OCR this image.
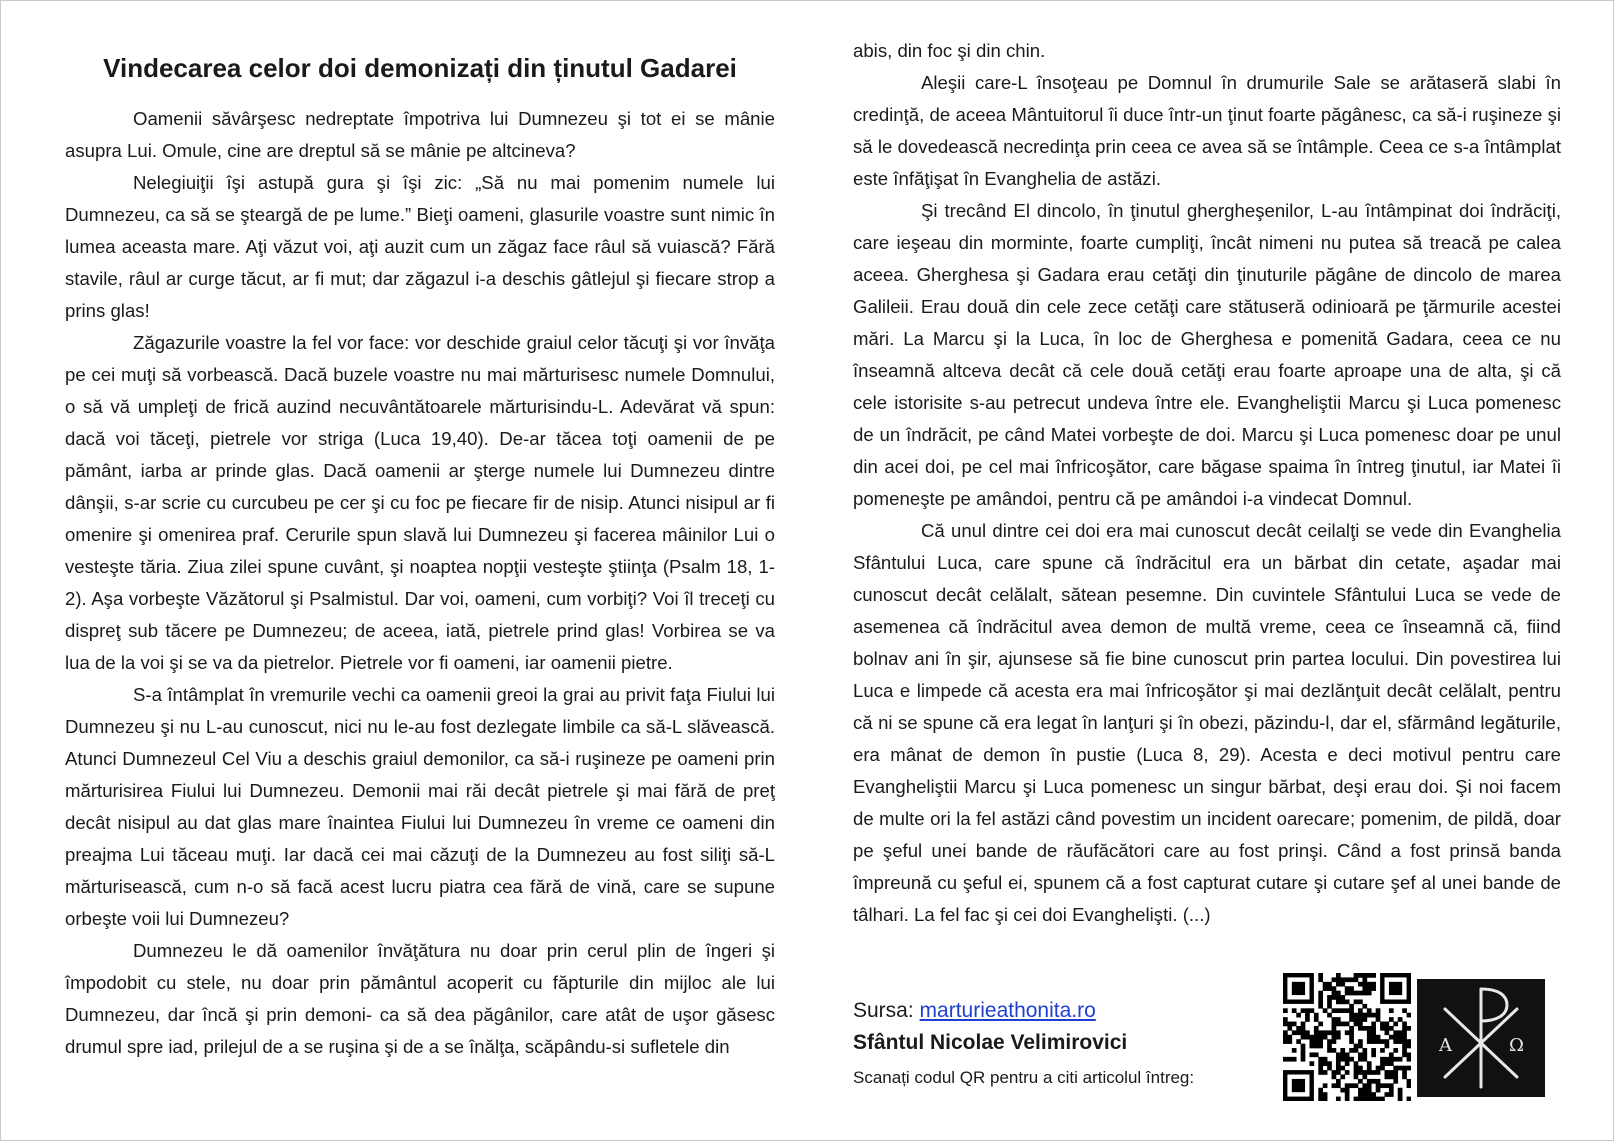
Vindecarea celor doi demonizați din ținutul Gadarei

Oamenii săvârşesc nedreptate împotriva lui Dumnezeu şi tot ei se mânie asupra Lui. Omule, cine are dreptul să se mânie pe altcineva?

Nelegiuiţii îşi astupă gura şi îşi zic: „Să nu mai pomenim numele lui Dumnezeu, ca să se şteargă de pe lume.” Bieţi oameni, glasurile voastre sunt nimic în lumea aceasta mare. Aţi văzut voi, aţi auzit cum un zăgaz face râul să vuiască? Fără stavile, râul ar curge tăcut, ar fi mut; dar zăgazul i-a deschis gâtlejul şi fiecare strop a prins glas!

Zăgazurile voastre la fel vor face: vor deschide graiul celor tăcuţi şi vor învăţa pe cei muţi să vorbească. Dacă buzele voastre nu mai mărturisesc numele Domnului, o să vă umpleţi de frică auzind necuvântătoarele mărturisindu-L. Adevărat vă spun: dacă voi tăceţi, pietrele vor striga (Luca 19,40). De-ar tăcea toţi oamenii de pe pământ, iarba ar prinde glas. Dacă oamenii ar şterge numele lui Dumnezeu dintre dânşii, s-ar scrie cu curcubeu pe cer şi cu foc pe fiecare fir de nisip. Atunci nisipul ar fi omenire şi omenirea praf. Cerurile spun slavă lui Dumnezeu şi facerea mâinilor Lui o vesteşte tăria. Ziua zilei spune cuvânt, şi noaptea nopţii vesteşte ştiinţa (Psalm 18, 1-2). Aşa vorbeşte Văzătorul şi Psalmistul. Dar voi, oameni, cum vorbiţi? Voi îl treceţi cu dispreţ sub tăcere pe Dumnezeu; de aceea, iată, pietrele prind glas! Vorbirea se va lua de la voi şi se va da pietrelor. Pietrele vor fi oameni, iar oamenii pietre.

S-a întâmplat în vremurile vechi ca oamenii greoi la grai au privit faţa Fiului lui Dumnezeu şi nu L-au cunoscut, nici nu le-au fost dezlegate limbile ca să-L slăvească. Atunci Dumnezeul Cel Viu a deschis graiul demonilor, ca să-i ruşineze pe oameni prin mărturisirea Fiului lui Dumnezeu. Demonii mai răi decât pietrele şi mai fără de preţ decât nisipul au dat glas mare înaintea Fiului lui Dumnezeu în vreme ce oameni din preajma Lui tăceau muţi. Iar dacă cei mai căzuţi de la Dumnezeu au fost siliţi să-L mărturisească, cum n-o să facă acest lucru piatra cea fără de vină, care se supune orbeşte voii lui Dumnezeu?

Dumnezeu le dă oamenilor învăţătura nu doar prin cerul plin de îngeri şi împodobit cu stele, nu doar prin pământul acoperit cu făpturile din mijloc ale lui Dumnezeu, dar încă şi prin demoni- ca să dea păgânilor, care atât de uşor găsesc drumul spre iad, prilejul de a se ruşina şi de a se înălţa, scăpându-si sufletele din

abis, din foc şi din chin.

Aleşii care-L însoţeau pe Domnul în drumurile Sale se arătaseră slabi în credinţă, de aceea Mântuitorul îi duce într-un ţinut foarte păgânesc, ca să-i ruşineze şi să le dovedească necredinţa prin ceea ce avea să se întâmple. Ceea ce s-a întâmplat este înfăţişat în Evanghelia de astăzi.

Şi trecând El dincolo, în ţinutul ghergheşenilor, L-au întâmpinat doi îndrăciţi, care ieşeau din morminte, foarte cumpliţi, încât nimeni nu putea să treacă pe calea aceea. Gherghesa şi Gadara erau cetăţi din ţinuturile păgâne de dincolo de marea Galileii. Erau două din cele zece cetăţi care stătuseră odinioară pe ţărmurile acestei mări. La Marcu şi la Luca, în loc de Gherghesa e pomenită Gadara, ceea ce nu înseamnă altceva decât că cele două cetăţi erau foarte aproape una de alta, şi că cele istorisite s-au petrecut undeva între ele. Evangheliştii Marcu şi Luca pomenesc de un îndrăcit, pe când Matei vorbeşte de doi. Marcu şi Luca pomenesc doar pe unul din acei doi, pe cel mai înfricoşător, care băgase spaima în întreg ţinutul, iar Matei îi pomeneşte pe amândoi, pentru că pe amândoi i-a vindecat Domnul.

Că unul dintre cei doi era mai cunoscut decât ceilalţi se vede din Evanghelia Sfântului Luca, care spune că îndrăcitul era un bărbat din cetate, aşadar mai cunoscut decât celălalt, sătean pesemne. Din cuvintele Sfântului Luca se vede de asemenea că îndrăcitul avea demon de multă vreme, ceea ce înseamnă că, fiind bolnav ani în şir, ajunsese să fie bine cunoscut prin partea locului. Din povestirea lui Luca e limpede că acesta era mai înfricoşător şi mai dezlănţuit decât celălalt, pentru că ni se spune că era legat în lanţuri şi în obezi, păzindu-l, dar el, sfărmând legăturile, era mânat de demon în pustie (Luca 8, 29). Acesta e deci motivul pentru care Evangheliştii Marcu şi Luca pomenesc un singur bărbat, deşi erau doi. Şi noi facem de multe ori la fel astăzi când povestim un incident oarecare; pomenim, de pildă, doar pe şeful unei bande de răufăcători care au fost prinşi. Când a fost prinsă banda împreună cu şeful ei, spunem că a fost capturat cutare şi cutare şef al unei bande de tâlhari. La fel fac şi cei doi Evanghelişti. (...)

Sursa: marturieathonita.ro

Sfântul Nicolae Velimirovici

Scanați codul QR pentru a citi articolul întreg:

Α	Ω
